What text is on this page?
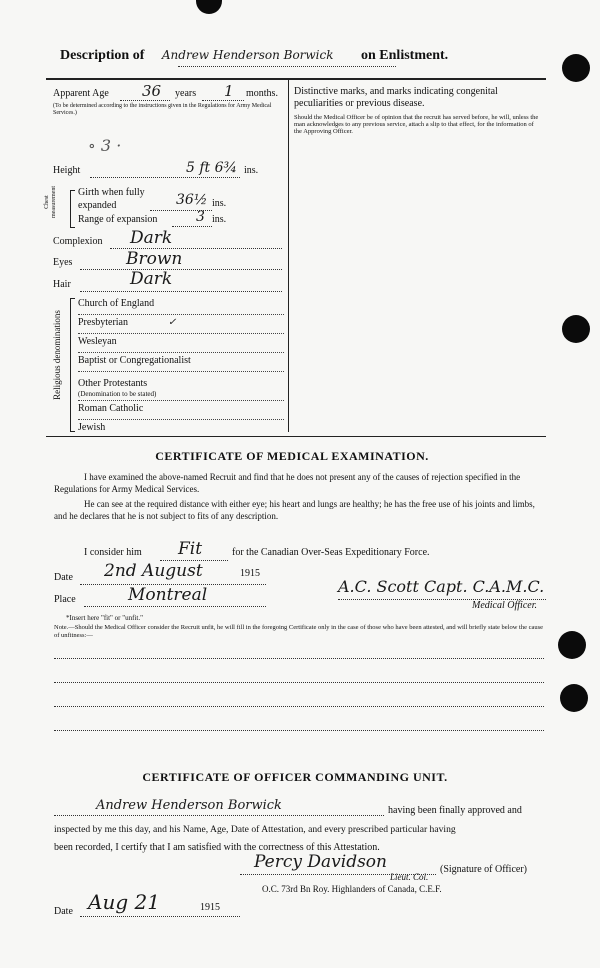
Description of Andrew Henderson Borwick on Enlistment.
Apparent Age 36 years 1 months.
(To be determined according to the instructions given in the Regulations for Army Medical Services.)
∘ 3 ·
Height	5 ft 6¾ ins.
Chest measurement Girth when fully expanded	36½ ins.
Range of expansion	3 ins.
Complexion Dark
Eyes	Brown
Hair	Dark
Religious denominations
Church of England
Presbyterian	✓
Wesleyan
Baptist or Congregationalist
Other Protestants
(Denomination to be stated)
Roman Catholic
Jewish
Distinctive marks, and marks indicating congenital peculiarities or previous disease.
Should the Medical Officer be of opinion that the recruit has served before, he will, unless the man acknowledges to any previous service, attach a slip to that effect, for the information of the Approving Officer.
CERTIFICATE OF MEDICAL EXAMINATION.
I have examined the above-named Recruit and find that he does not present any of the causes of rejection specified in the Regulations for Army Medical Services.
He can see at the required distance with either eye; his heart and lungs are healthy; he has the free use of his joints and limbs, and he declares that he is not subject to fits of any description.
I consider him Fit	for the Canadian Over-Seas Expeditionary Force.
Date 2nd August	1915
Place	Montreal	A.C. Scott Capt. C.A.M.C.
Medical Officer.
*Insert here "fit" or "unfit."
Note.—Should the Medical Officer consider the Recruit unfit, he will fill in the foregoing Certificate only in the case of those who have been attested, and will briefly state below the cause of unfitness:—
CERTIFICATE OF OFFICER COMMANDING UNIT.
Andrew Henderson Borwick	having been finally approved and
inspected by me this day, and his Name, Age, Date of Attestation, and every prescribed particular having
been recorded, I certify that I am satisfied with the correctness of this Attestation.
Percy Davidson
Lieut. Col.
(Signature of Officer)
O.C. 73rd Bn Roy. Highlanders of Canada, C.E.F.
Date Aug 21	1915
